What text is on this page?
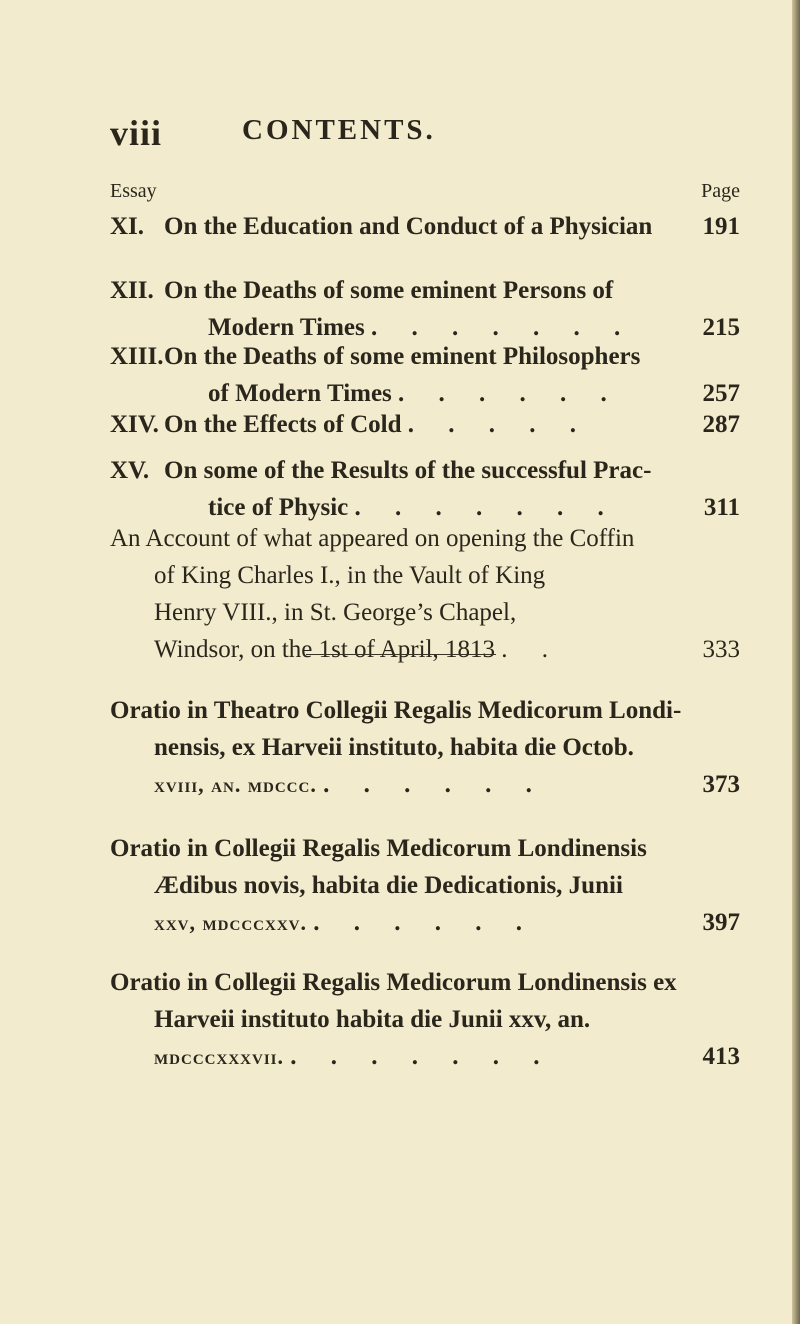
viii	CONTENTS.
Essay	Page
XI. On the Education and Conduct of a Physician 191
XII. On the Deaths of some eminent Persons of
Modern Times . . . . . . .	215
XIII. On the Deaths of some eminent Philosophers
of Modern Times . . . . . .	257
XIV. On the Effects of Cold . . . . .	287
XV. On some of the Results of the successful Prac-
tice of Physic . . . . . . .	311
An Account of what appeared on opening the Coffin
of King Charles I., in the Vault of King
Henry VIII., in St. George’s Chapel,
Windsor, on the 1st of April, 1813 . .	333
Oratio in Theatro Collegii Regalis Medicorum Londi-
nensis, ex Harveii instituto, habita die Octob.
xviii, an. mdccc. . . . . . .	373
Oratio in Collegii Regalis Medicorum Londinensis
Ædibus novis, habita die Dedicationis, Junii
xxv, mdcccxxv. . . . . . .	397
Oratio in Collegii Regalis Medicorum Londinensis ex
Harveii instituto habita die Junii xxv, an.
mdcccxxxvii. . . . . . . .	413
